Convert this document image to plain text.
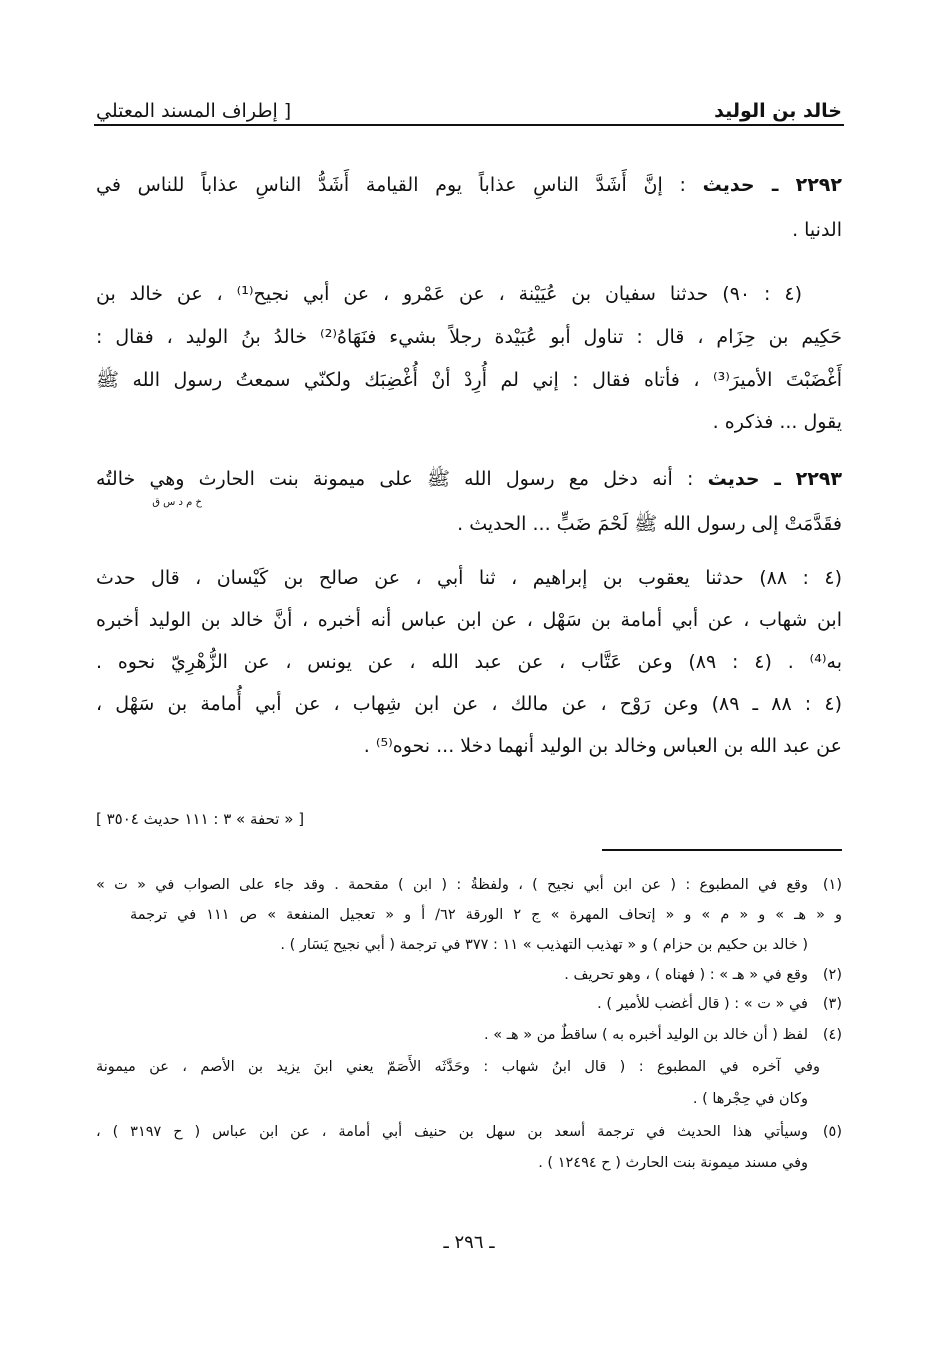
خالد بن الوليد
[ إطراف المسند المعتلي
٢٢٩٢ ـ حديث : إنَّ أَشَدَّ الناسِ عذاباً يوم القيامة أَشَدُّ الناسِ عذاباً للناس في
الدنيا .
(٤ : ٩٠) حدثنا سفيان بن عُيَيْنة ، عن عَمْرو ، عن أبي نجيح⁽¹⁾ ، عن خالد بن
حَكِيم بن حِزَام ، قال : تناول أبو عُبَيْدة رجلاً بشيء فنَهَاهُ⁽²⁾ خالدُ بنُ الوليد ، فقال :
أَغْضَبْتَ الأميرَ⁽³⁾ ، فأتاه فقال : إني لم أُرِدْ أنْ أُغْضِبَك ولكنّي سمعتُ رسول الله ﷺ
يقول ... فذكره .
٢٢٩٣ ـ حديث : أنه دخل مع رسول الله ﷺ على ميمونة بنت الحارث وهي خالتُه
خ م د س ق
فقَدَّمَتْ إلى رسول الله ﷺ لَحْمَ ضَبٍّ ... الحديث .
(٤ : ٨٨) حدثنا يعقوب بن إبراهيم ، ثنا أبي ، عن صالح بن كَيْسان ، قال حدث
ابن شهاب ، عن أبي أمامة بن سَهْل ، عن ابن عباس أنه أخبره ، أنَّ خالد بن الوليد أخبره
به⁽⁴⁾ . (٤ : ٨٩) وعن عَتَّاب ، عن عبد الله ، عن يونس ، عن الزُّهْرِيّ نحوه .
(٤ : ٨٨ ـ ٨٩) وعن رَوْح ، عن مالك ، عن ابن شِهاب ، عن أبي أُمامة بن سَهْل ،
عن عبد الله بن العباس وخالد بن الوليد أنهما دخلا ... نحوه⁽⁵⁾ .
[ « تحفة » ٣ : ١١١ حديث ٣٥٠٤ ]
(١)وقع في المطبوع : ( عن ابن أبي نجيح ) ، ولفظةُ : ( ابن ) مقحمة . وقد جاء على الصواب في « ت »
و « هـ » و « م » و « إتحاف المهرة » ج ٢ الورقة ٦٢/ أ و « تعجيل المنفعة » ص ١١١ في ترجمة
( خالد بن حكيم بن حزام ) و « تهذيب التهذيب » ١١ : ٣٧٧ في ترجمة ( أبي نجيح يَسَار ) .
(٢)وقع في « هـ » : ( فهناه ) ، وهو تحريف .
(٣)في « ت » : ( قال أغضب للأمير ) .
(٤)لفظ ( أن خالد بن الوليد أخبره به ) ساقطٌ من « هـ » .
وفي آخره في المطبوع : ( قال ابنُ شهاب : وحَدَّثَه الأَصَمّ يعني ابنَ يزيد بن الأصم ، عن ميمونة
وكان في حِجْرها ) .
(٥)وسيأتي هذا الحديث في ترجمة أسعد بن سهل بن حنيف أبي أمامة ، عن ابن عباس ( ح ٣١٩٧ ) ،
وفي مسند ميمونة بنت الحارث ( ح ١٢٤٩٤ ) .
ـ ٢٩٦ ـ
